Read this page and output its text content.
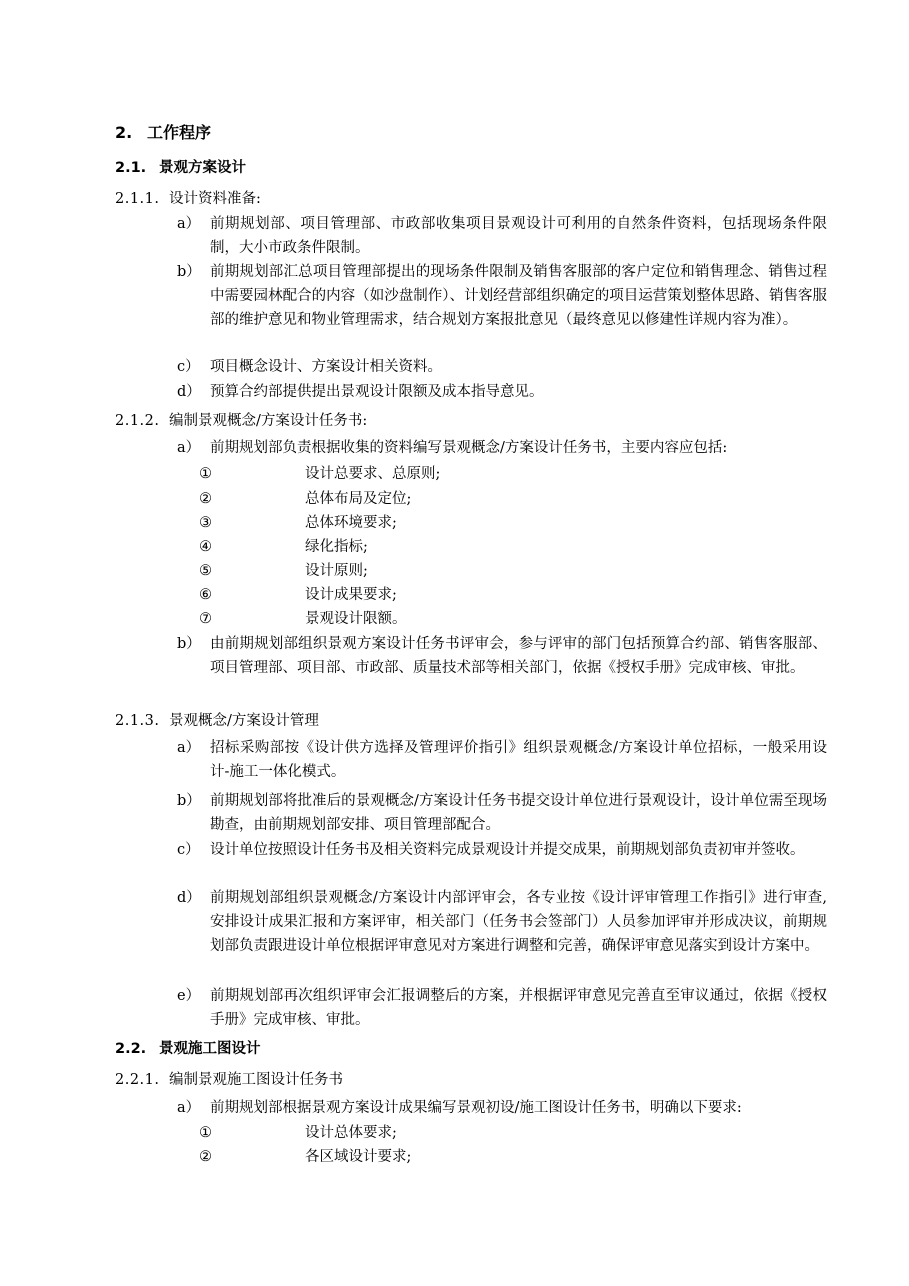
2. 工作程序
2.1. 景观方案设计
2.1.1. 设计资料准备:
a） 前期规划部、项目管理部、市政部收集项目景观设计可利用的自然条件资料，包括现场条件限制，大小市政条件限制。
b） 前期规划部汇总项目管理部提出的现场条件限制及销售客服部的客户定位和销售理念、销售过程中需要园林配合的内容（如沙盘制作）、计划经营部组织确定的项目运营策划整体思路、销售客服部的维护意见和物业管理需求，结合规划方案报批意见（最终意见以修建性详规内容为准）。
c） 项目概念设计、方案设计相关资料。
d） 预算合约部提供提出景观设计限额及成本指导意见。
2.1.2. 编制景观概念/方案设计任务书:
a） 前期规划部负责根据收集的资料编写景观概念/方案设计任务书，主要内容应包括:
①	设计总要求、总原则;
②	总体布局及定位;
③	总体环境要求;
④	绿化指标;
⑤	设计原则;
⑥	设计成果要求;
⑦	景观设计限额。
b） 由前期规划部组织景观方案设计任务书评审会，参与评审的部门包括预算合约部、销售客服部、项目管理部、项目部、市政部、质量技术部等相关部门，依据《授权手册》完成审核、审批。
2.1.3. 景观概念/方案设计管理
a） 招标采购部按《设计供方选择及管理评价指引》组织景观概念/方案设计单位招标，一般采用设计-施工一体化模式。
b） 前期规划部将批准后的景观概念/方案设计任务书提交设计单位进行景观设计，设计单位需至现场勘查，由前期规划部安排、项目管理部配合。
c） 设计单位按照设计任务书及相关资料完成景观设计并提交成果，前期规划部负责初审并签收。
d） 前期规划部组织景观概念/方案设计内部评审会，各专业按《设计评审管理工作指引》进行审查,安排设计成果汇报和方案评审，相关部门（任务书会签部门）人员参加评审并形成决议，前期规划部负责跟进设计单位根据评审意见对方案进行调整和完善，确保评审意见落实到设计方案中。
e） 前期规划部再次组织评审会汇报调整后的方案，并根据评审意见完善直至审议通过，依据《授权手册》完成审核、审批。
2.2. 景观施工图设计
2.2.1. 编制景观施工图设计任务书
a） 前期规划部根据景观方案设计成果编写景观初设/施工图设计任务书，明确以下要求:
①	设计总体要求;
②	各区域设计要求;
